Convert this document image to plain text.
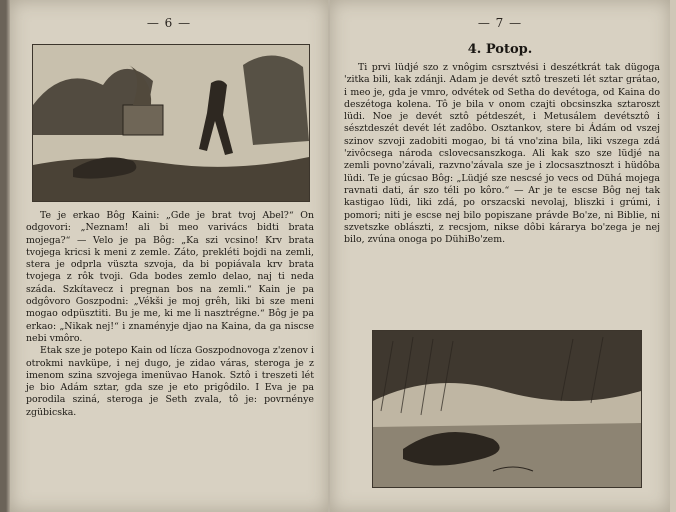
— 6 —

Te je erkao Bôg Kaini: „Gde je brat tvoj Abel?“ On odgovori: „Neznam! ali bi meo varivács bidti brata mojega?“ — Velo je pa Bôg: „Ka szi vcsino! Krv brata tvojega kricsi k meni z zemle. Záto, prekléti bojdi na zemli, stera je odprla vüszta szvoja, da bi popiávala krv brata tvojega z rôk tvoji. Gda bodes zemlo delao, naj ti neda száda. Szkítavecz i pregnan bos na zemli.“ Kain je pa odgôvoro Goszpodni: „Vékši je moj grêh, liki bi sze meni mogao odpüsztiti. Bu je me, ki me li nasztrégne.“ Bôg je pa erkao: „Nikak nej!“ i znaményje djao na Kaina, da ga niscse nebi vmôro.

Etak sze je potepo Kain od lícza Goszpodnovoga z'zenov i otrokmi navküpe, i nej dugo, je zidao váras, steroga je z imenom szina szvojega imenüvao Hanok. Sztô i treszeti lét je bio Adám sztar, gda sze je eto prigôdilo. I Eva je pa porodila sziná, steroga je Seth zvala, tô je: povrnénye zgübicska.

— 7 —
4. Potop.

Ti prvi lüdjé szo z vnôgim csrsztvési i deszétkrát tak dügoga 'zitka bili, kak zdánji. Adam je devét sztô treszeti lét sztar grátao, i meo je, gda je vmro, odvétek od Setha do devétoga, od Kaina do deszétoga kolena. Tô je bila v onom czajti obcsinszka sztaroszt lüdi. Noe je devét sztô pétdeszét, i Metusálem devétsztô i sésztdeszét devét lét zadôbo. Osztankov, stere bi Ádám od vszej szinov szvoji zadobiti mogao, bi tá vno'zina bila, liki vszega zdá 'zivôcsega národa cslovecsanszkoga. Ali kak szo sze lüdjé na zemli povno'závali, razvno'závala sze je i zlocsasztnoszt i hüdôba lüdi. Te je gúcsao Bôg: „Lüdjé sze nescsé jo vecs od Dühá mojega ravnati dati, ár szo téli po kôro.“ — Ar je te escse Bôg nej tak kastigao lüdi, liki zdá, po orszacski nevolaj, bliszki i grúmi, i pomori; niti je escse nej bilo popiszane právde Bo'ze, ni Biblie, ni szvetszke oblászti, z recsjom, nikse dôbi kárarya bo'zega je nej bilo, zvúna onoga po DühiBo'zem.
